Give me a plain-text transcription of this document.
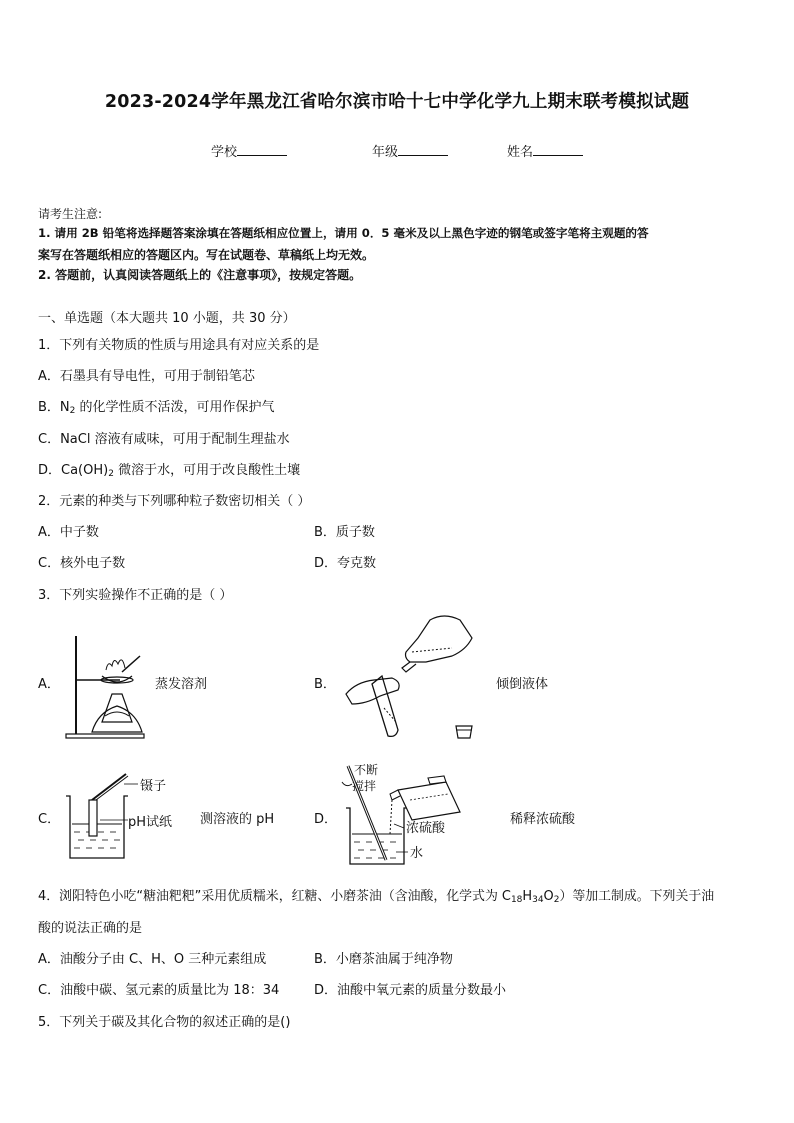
2023-2024学年黑龙江省哈尔滨市哈十七中学化学九上期末联考模拟试题
学校	年级	姓名
请考生注意:
1. 请用 2B 铅笔将选择题答案涂填在答题纸相应位置上，请用 0．5 毫米及以上黑色字迹的钢笔或签字笔将主观题的答
案写在答题纸相应的答题区内。写在试题卷、草稿纸上均无效。
2. 答题前，认真阅读答题纸上的《注意事项》，按规定答题。
一、单选题（本大题共 10 小题，共 30 分）
1．下列有关物质的性质与用途具有对应关系的是
A．石墨具有导电性，可用于制铅笔芯
B．$N_2$ 的化学性质不活泼，可用作保护气
C．NaCl 溶液有咸味，可用于配制生理盐水
D．$Ca(OH)_2$ 微溶于水，可用于改良酸性土壤
2．元素的种类与下列哪种粒子数密切相关（ ）
A．中子数	B．质子数
C．核外电子数	D．夸克数
3．下列实验操作不正确的是（ ）
A．	蒸发溶剂	B．	倾倒液体
C．	测溶液的 pH
镊子
pH试纸	D．	稀释浓硫酸
不断
搅拌
浓硫酸
水
4．浏阳特色小吃“糖油粑粑”采用优质糯米，红糖、小磨茶油（含油酸，化学式为 $C_{18}H_{34}O_2$）等加工制成。下列关于油
酸的说法正确的是
A．油酸分子由 C、H、O 三种元素组成	B．小磨茶油属于纯净物
C．油酸中碳、氢元素的质量比为 18：34	D．油酸中氧元素的质量分数最小
5．下列关于碳及其化合物的叙述正确的是()
